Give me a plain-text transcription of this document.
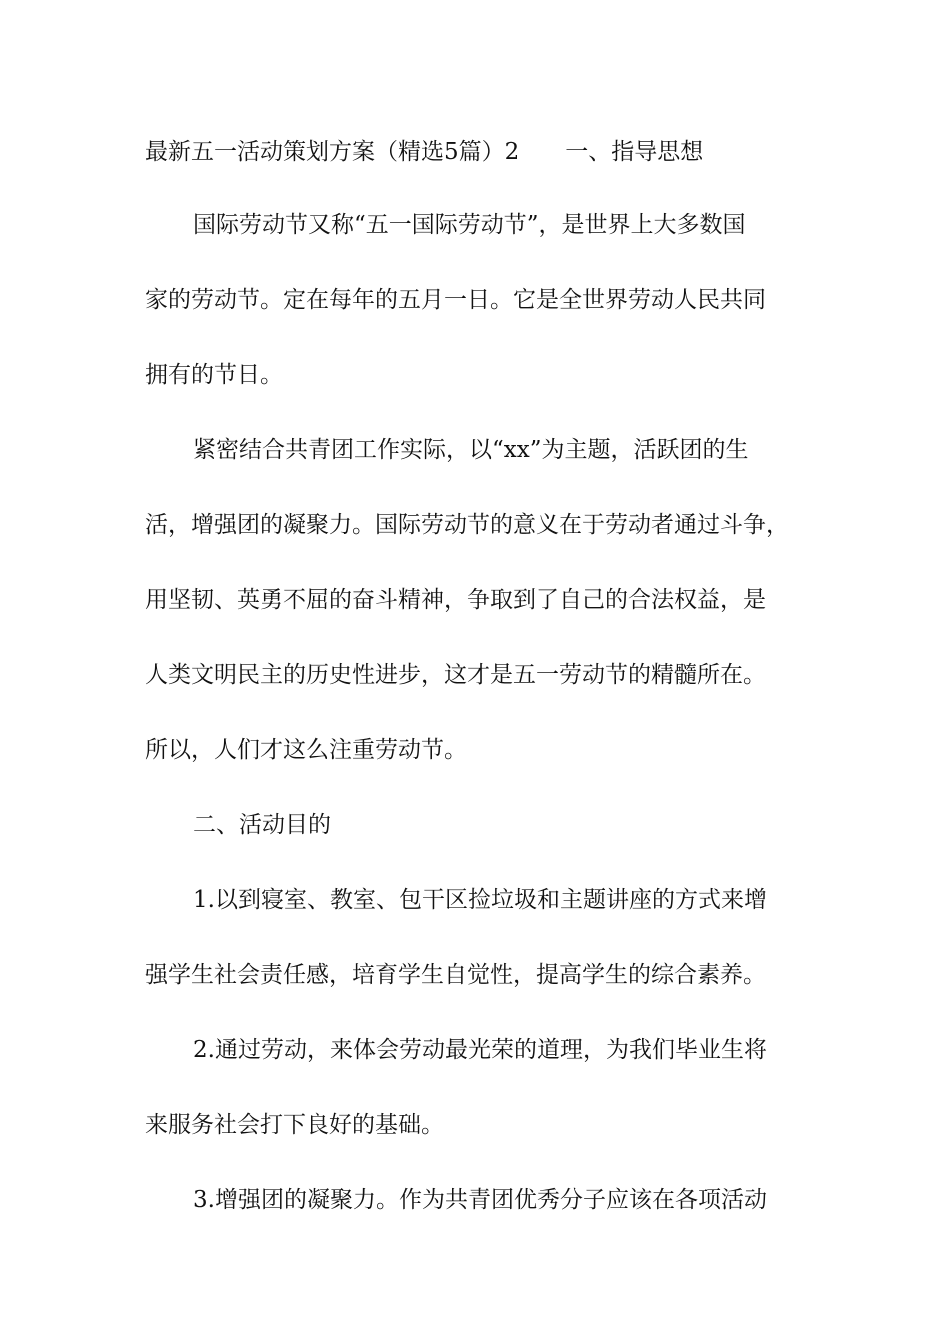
最新五一活动策划方案（精选5篇）2　　一、指导思想
国际劳动节又称“五一国际劳动节”，是世界上大多数国
家的劳动节。定在每年的五月一日。它是全世界劳动人民共同
拥有的节日。
紧密结合共青团工作实际，以“xx”为主题，活跃团的生
活，增强团的凝聚力。国际劳动节的意义在于劳动者通过斗争，
用坚韧、英勇不屈的奋斗精神，争取到了自己的合法权益，是
人类文明民主的历史性进步，这才是五一劳动节的精髓所在。
所以，人们才这么注重劳动节。
二、活动目的
1.以到寝室、教室、包干区捡垃圾和主题讲座的方式来增
强学生社会责任感，培育学生自觉性，提高学生的综合素养。
2.通过劳动，来体会劳动最光荣的道理，为我们毕业生将
来服务社会打下良好的基础。
3.增强团的凝聚力。作为共青团优秀分子应该在各项活动
